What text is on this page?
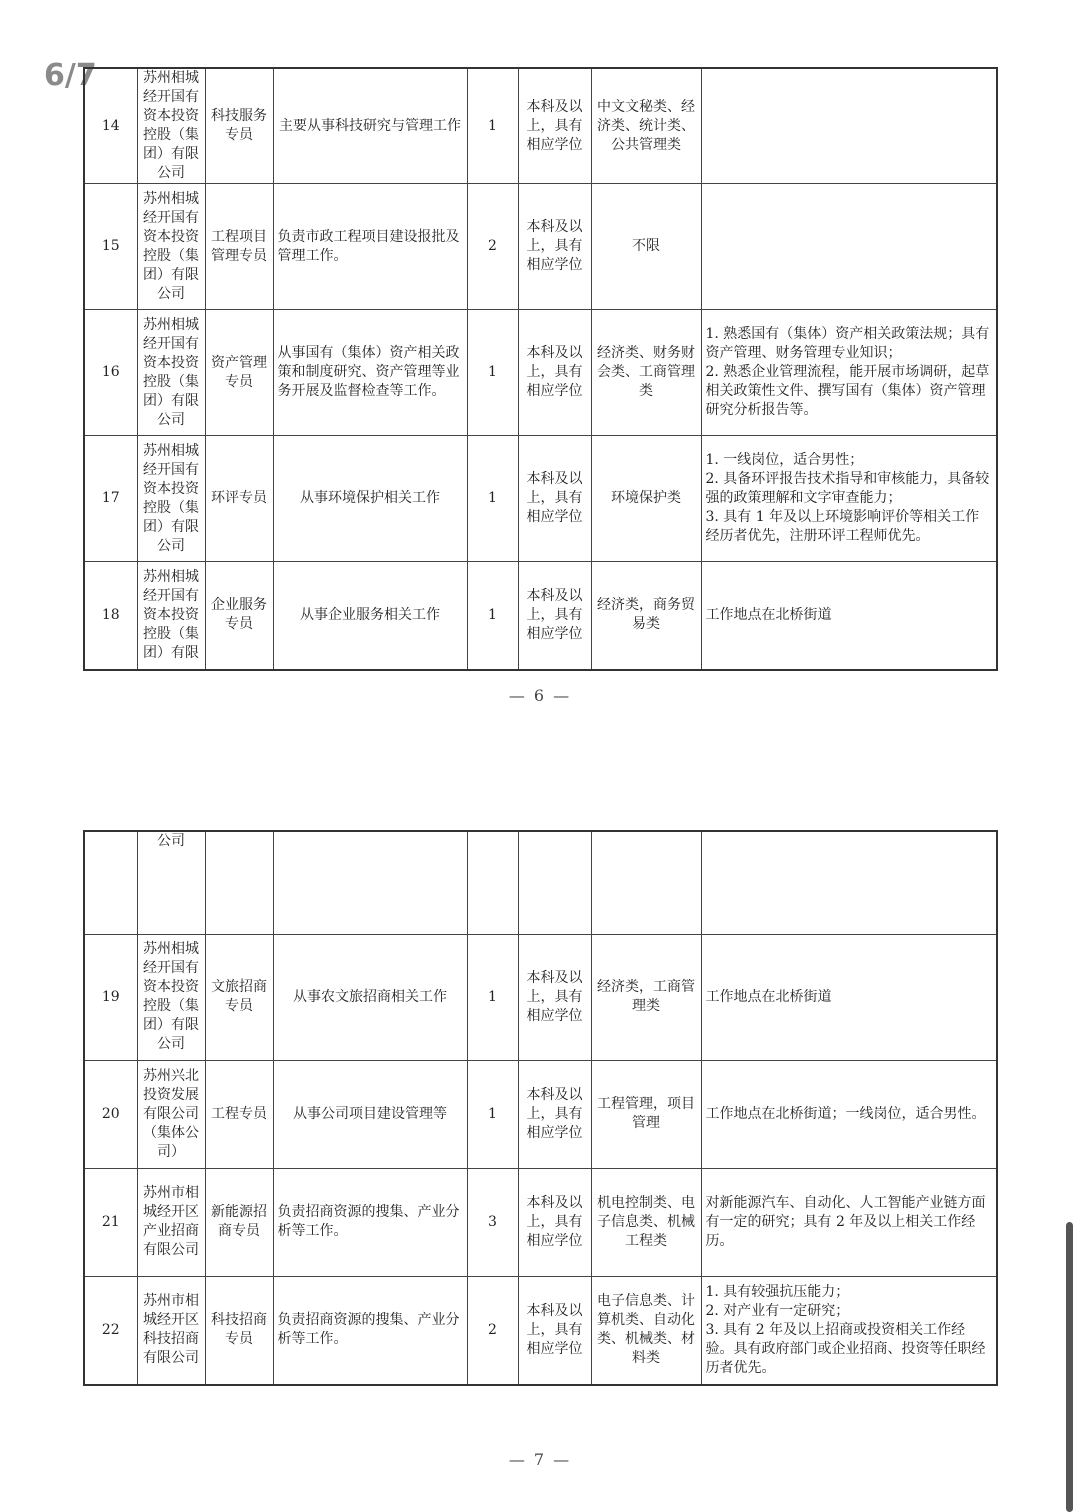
6/7
14	苏州相城经开国有资本投资控股（集团）有限公司	科技服务专员	主要从事科技研究与管理工作	1	本科及以上，具有相应学位	中文文秘类、经济类、统计类、公共管理类	
15	苏州相城经开国有资本投资控股（集团）有限公司	工程项目管理专员	负责市政工程项目建设报批及管理工作。	2	本科及以上，具有相应学位	不限	
16	苏州相城经开国有资本投资控股（集团）有限公司	资产管理专员	从事国有（集体）资产相关政策和制度研究、资产管理等业务开展及监督检查等工作。	1	本科及以上，具有相应学位	经济类、财务财会类、工商管理类	1. 熟悉国有（集体）资产相关政策法规；具有资产管理、财务管理专业知识；
2. 熟悉企业管理流程，能开展市场调研，起草相关政策性文件、撰写国有（集体）资产管理研究分析报告等。
17	苏州相城经开国有资本投资控股（集团）有限公司	环评专员	从事环境保护相关工作	1	本科及以上，具有相应学位	环境保护类	1. 一线岗位，适合男性；
2. 具备环评报告技术指导和审核能力，具备较强的政策理解和文字审查能力；
3. 具有 1 年及以上环境影响评价等相关工作经历者优先，注册环评工程师优先。
18	苏州相城经开国有资本投资控股（集团）有限	企业服务专员	从事企业服务相关工作	1	本科及以上，具有相应学位	经济类，商务贸易类	工作地点在北桥街道
— 6 —
	公司						
19	苏州相城经开国有资本投资控股（集团）有限公司	文旅招商专员	从事农文旅招商相关工作	1	本科及以上，具有相应学位	经济类，工商管理类	工作地点在北桥街道
20	苏州兴北投资发展有限公司（集体公司）	工程专员	从事公司项目建设管理等	1	本科及以上，具有相应学位	工程管理，项目管理	工作地点在北桥街道；一线岗位，适合男性。
21	苏州市相城经开区产业招商有限公司	新能源招商专员	负责招商资源的搜集、产业分析等工作。	3	本科及以上，具有相应学位	机电控制类、电子信息类、机械工程类	对新能源汽车、自动化、人工智能产业链方面有一定的研究；具有 2 年及以上相关工作经历。
22	苏州市相城经开区科技招商有限公司	科技招商专员	负责招商资源的搜集、产业分析等工作。	2	本科及以上，具有相应学位	电子信息类、计算机类、自动化类、机械类、材料类	1. 具有较强抗压能力；
2. 对产业有一定研究；
3. 具有 2 年及以上招商或投资相关工作经验。具有政府部门或企业招商、投资等任职经历者优先。
— 7 —
